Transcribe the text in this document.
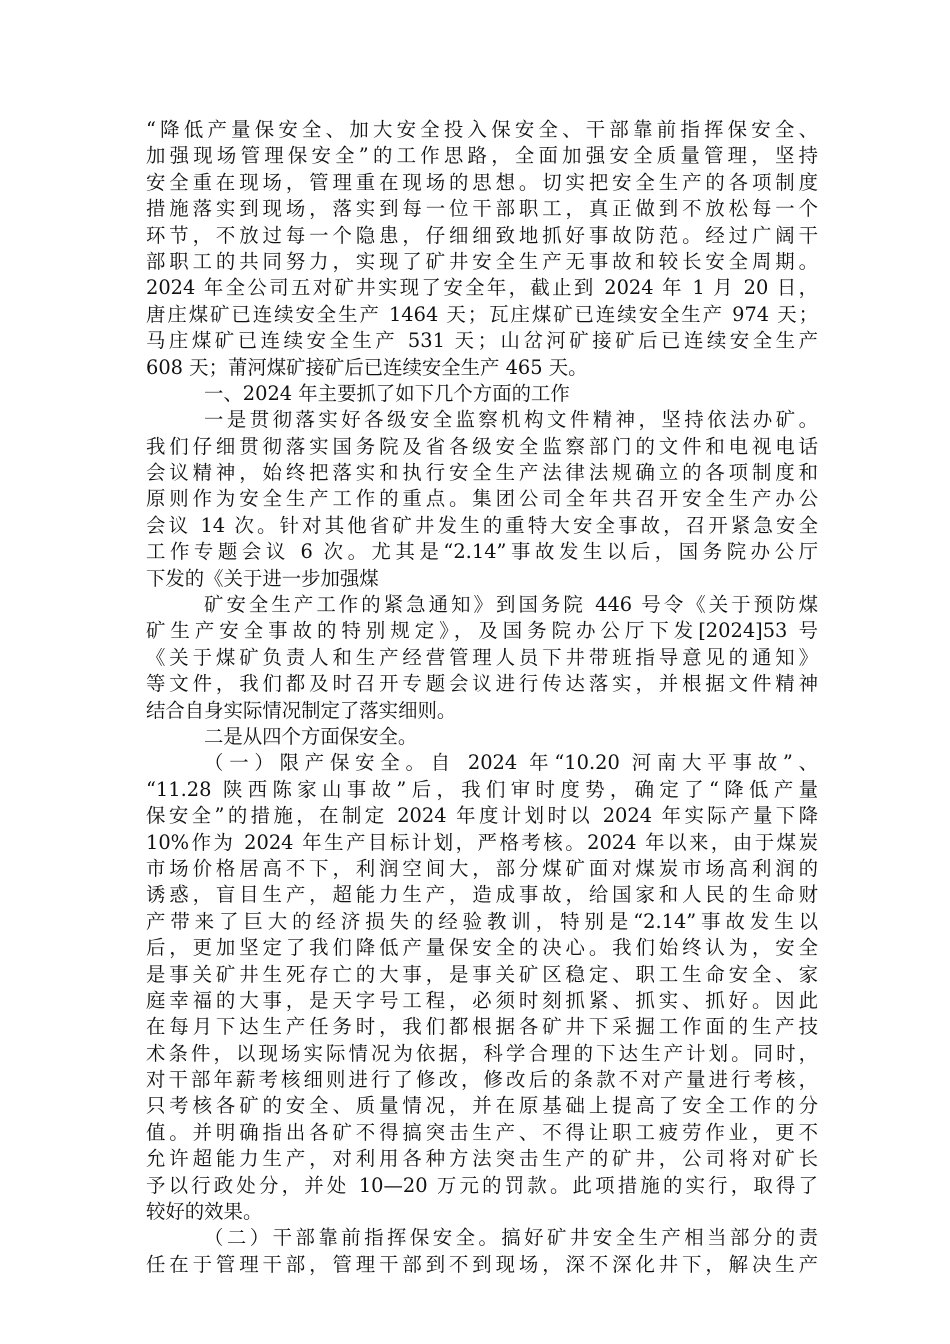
“降低产量保安全、加大安全投入保安全、干部靠前指挥保安全、
加强现场管理保安全”的工作思路，全面加强安全质量管理，坚持
安全重在现场，管理重在现场的思想。切实把安全生产的各项制度
措施落实到现场，落实到每一位干部职工，真正做到不放松每一个
环节，不放过每一个隐患，仔细细致地抓好事故防范。经过广阔干
部职工的共同努力，实现了矿井安全生产无事故和较长安全周期。
2024 年全公司五对矿井实现了安全年，截止到 2024 年 1 月 20 日，
唐庄煤矿已连续安全生产 1464 天；瓦庄煤矿已连续安全生产 974 天；
马庄煤矿已连续安全生产 531 天；山岔河矿接矿后已连续安全生产
608 天；莆河煤矿接矿后已连续安全生产 465 天。
一、2024 年主要抓了如下几个方面的工作
一是贯彻落实好各级安全监察机构文件精神，坚持依法办矿。
我们仔细贯彻落实国务院及省各级安全监察部门的文件和电视电话
会议精神，始终把落实和执行安全生产法律法规确立的各项制度和
原则作为安全生产工作的重点。集团公司全年共召开安全生产办公
会议 14 次。针对其他省矿井发生的重特大安全事故，召开紧急安全
工作专题会议 6 次。尤其是“2.14”事故发生以后，国务院办公厅
下发的《关于进一步加强煤
矿安全生产工作的紧急通知》到国务院 446 号令《关于预防煤
矿生产安全事故的特别规定》，及国务院办公厅下发[2024]53 号
《关于煤矿负责人和生产经营管理人员下井带班指导意见的通知》
等文件，我们都及时召开专题会议进行传达落实，并根据文件精神
结合自身实际情况制定了落实细则。
二是从四个方面保安全。
（一）限产保安全。自 2024 年“10.20 河南大平事故”、
“11.28 陕西陈家山事故”后，我们审时度势，确定了“降低产量
保安全”的措施，在制定 2024 年度计划时以 2024 年实际产量下降
10%作为 2024 年生产目标计划，严格考核。2024 年以来，由于煤炭
市场价格居高不下，利润空间大，部分煤矿面对煤炭市场高利润的
诱惑，盲目生产，超能力生产，造成事故，给国家和人民的生命财
产带来了巨大的经济损失的经验教训，特别是“2.14”事故发生以
后，更加坚定了我们降低产量保安全的决心。我们始终认为，安全
是事关矿井生死存亡的大事，是事关矿区稳定、职工生命安全、家
庭幸福的大事，是天字号工程，必须时刻抓紧、抓实、抓好。因此
在每月下达生产任务时，我们都根据各矿井下采掘工作面的生产技
术条件，以现场实际情况为依据，科学合理的下达生产计划。同时，
对干部年薪考核细则进行了修改，修改后的条款不对产量进行考核，
只考核各矿的安全、质量情况，并在原基础上提高了安全工作的分
值。并明确指出各矿不得搞突击生产、不得让职工疲劳作业，更不
允许超能力生产，对利用各种方法突击生产的矿井，公司将对矿长
予以行政处分，并处 10—20 万元的罚款。此项措施的实行，取得了
较好的效果。
（二）干部靠前指挥保安全。搞好矿井安全生产相当部分的责
任在于管理干部，管理干部到不到现场，深不深化井下，解决生产
